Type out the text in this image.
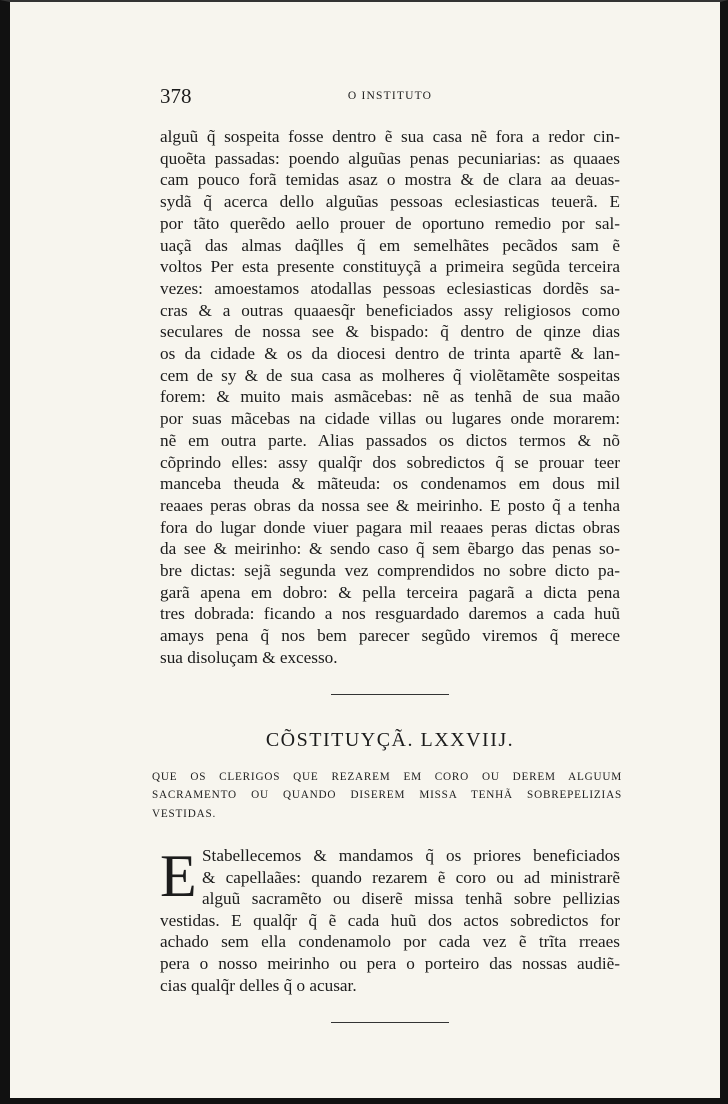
378	O INSTITUTO
alguũ q̃ sospeita fosse dentro ẽ sua casa nẽ fora a redor cin-
quoẽta passadas: poendo alguũas penas pecuniarias: as quaaes
cam pouco forã temidas asaz o mostra & de clara aa deuas-
sydã q̃ acerca dello alguũas pessoas eclesiasticas teuerã. E
por tãto querẽdo aello prouer de oportuno remedio por sal-
uaçã das almas daq̃lles q̃ em semelhãtes pecãdos sam ẽ
voltos Per esta presente constituyçã a primeira segũda terceira
vezes: amoestamos atodallas pessoas eclesiasticas dordẽs sa-
cras & a outras quaaesq̃r beneficiados assy religiosos como
seculares de nossa see & bispado: q̃ dentro de qinze dias
os da cidade & os da diocesi dentro de trinta apartẽ & lan-
cem de sy & de sua casa as molheres q̃ violẽtamẽte sospeitas
forem: & muito mais asmãcebas: nẽ as tenhã de sua maão
por suas mãcebas na cidade villas ou lugares onde morarem:
nẽ em outra parte. Alias passados os dictos termos & nõ
cõprindo elles: assy qualq̃r dos sobredictos q̃ se prouar teer
manceba theuda & mãteuda: os condenamos em dous mil
reaaes peras obras da nossa see & meirinho. E posto q̃ a tenha
fora do lugar donde viuer pagara mil reaaes peras dictas obras
da see & meirinho: & sendo caso q̃ sem ẽbargo das penas so-
bre dictas: sejã segunda vez comprendidos no sobre dicto pa-
garã apena em dobro: & pella terceira pagarã a dicta pena
tres dobrada: ficando a nos resguardado daremos a cada huũ
amays pena q̃ nos bem parecer segũdo viremos q̃ merece
sua disoluçam & excesso.
CÕSTITUYÇÃ. LXXVIIJ.
QUE OS CLERIGOS QUE REZAREM EM CORO OU DEREM ALGUUM
SACRAMENTO OU QUANDO DISEREM MISSA TENHÃ SOBREPELIZIAS
VESTIDAS.
E Stabellecemos & mandamos q̃ os priores beneficiados
& capellaães: quando rezarem ẽ coro ou ad ministrarẽ
alguũ sacramẽto ou diserẽ missa tenhã sobre pellizias
vestidas. E qualq̃r q̃ ẽ cada huũ dos actos sobredictos for
achado sem ella condenamolo por cada vez ẽ trĩta rreaes
pera o nosso meirinho ou pera o porteiro das nossas audiẽ-
cias qualq̃r delles q̃ o acusar.
